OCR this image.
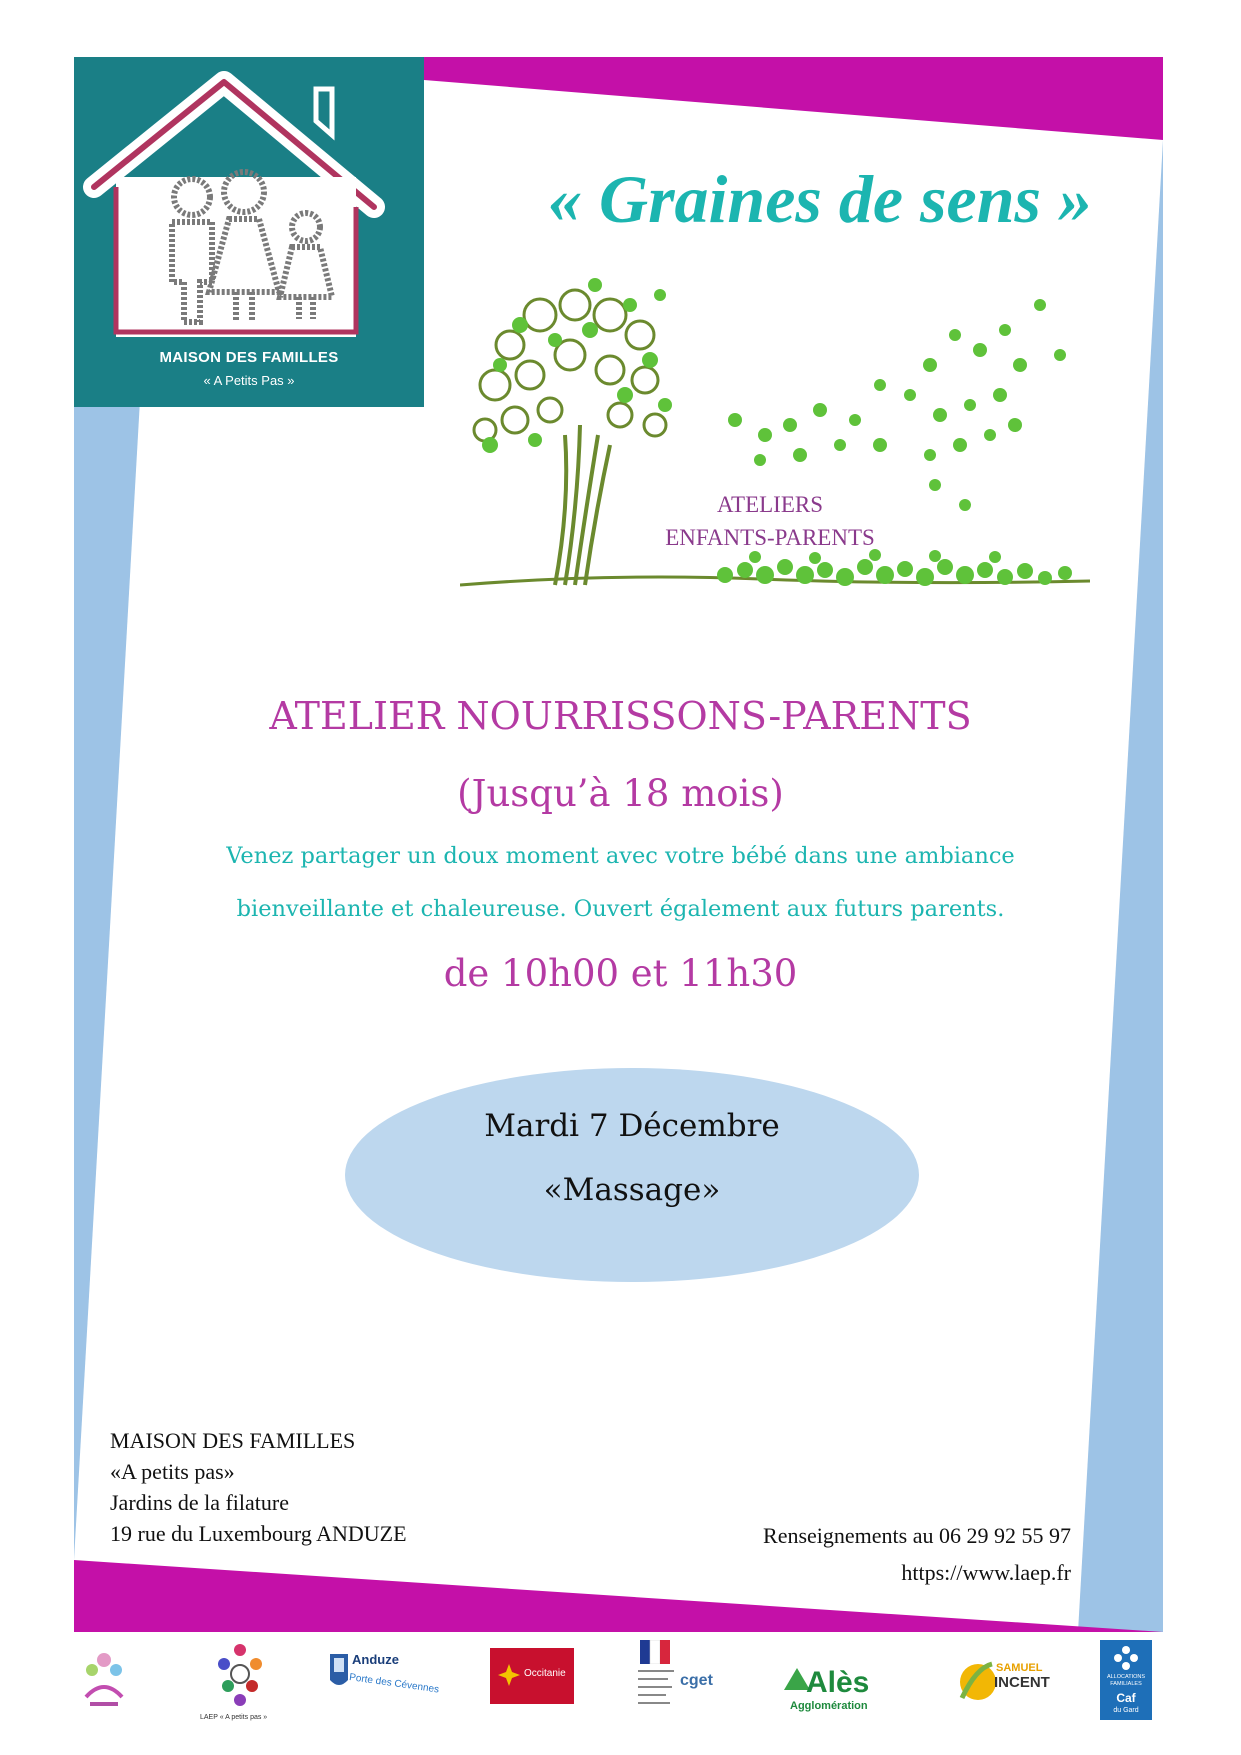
MAISON DES FAMILLES
« A Petits Pas »
« Graines de sens »
ATELIERS
ENFANTS-PARENTS
ATELIER NOURRISSONS-PARENTS
(Jusqu’à 18 mois)
Venez partager un doux moment avec votre bébé dans une ambiance
bienveillante et chaleureuse. Ouvert également aux futurs parents.
de 10h00 et 11h30
Mardi 7 Décembre
«Massage»
MAISON DES FAMILLES
«A petits pas»
Jardins de la filature
19 rue du Luxembourg ANDUZE	Renseignements au 06 29 92 55 97
https://www.laep.fr
LAEP « A petits pas »
Anduze
Porte des Cévennes	Occitanie	cget	Alès
Agglomération
SAMUEL
INCENT	ALLOCATIONS
FAMILIALES
Caf
du Gard
